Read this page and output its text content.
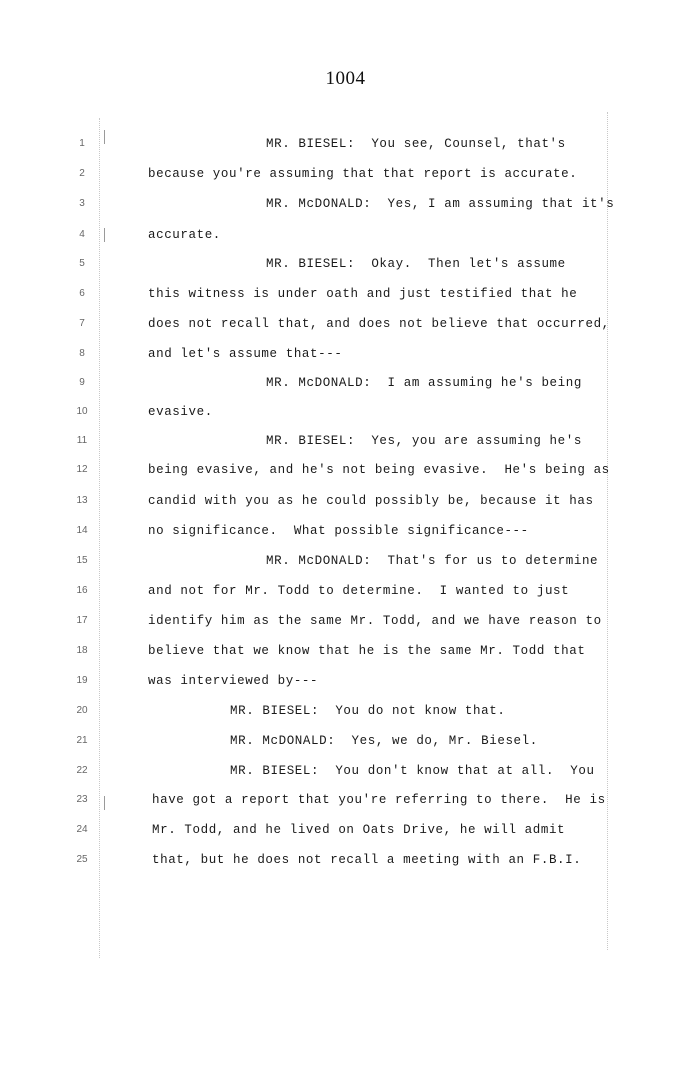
1004
1	MR. BIESEL:  You see, Counsel, that's
2	because you're assuming that that report is accurate.
3	MR. McDONALD:  Yes, I am assuming that it's
4	accurate.
5	MR. BIESEL:  Okay.  Then let's assume
6	this witness is under oath and just testified that he
7	does not recall that, and does not believe that occurred,
8	and let's assume that---
9	MR. McDONALD:  I am assuming he's being
10	evasive.
11	MR. BIESEL:  Yes, you are assuming he's
12	being evasive, and he's not being evasive.  He's being as
13	candid with you as he could possibly be, because it has
14	no significance.  What possible significance---
15	MR. McDONALD:  That's for us to determine
16	and not for Mr. Todd to determine.  I wanted to just
17	identify him as the same Mr. Todd, and we have reason to
18	believe that we know that he is the same Mr. Todd that
19	was interviewed by---
20	MR. BIESEL:  You do not know that.
21	MR. McDONALD:  Yes, we do, Mr. Biesel.
22	MR. BIESEL:  You don't know that at all.  You
23	have got a report that you're referring to there.  He is
24	Mr. Todd, and he lived on Oats Drive, he will admit
25	that, but he does not recall a meeting with an F.B.I.
